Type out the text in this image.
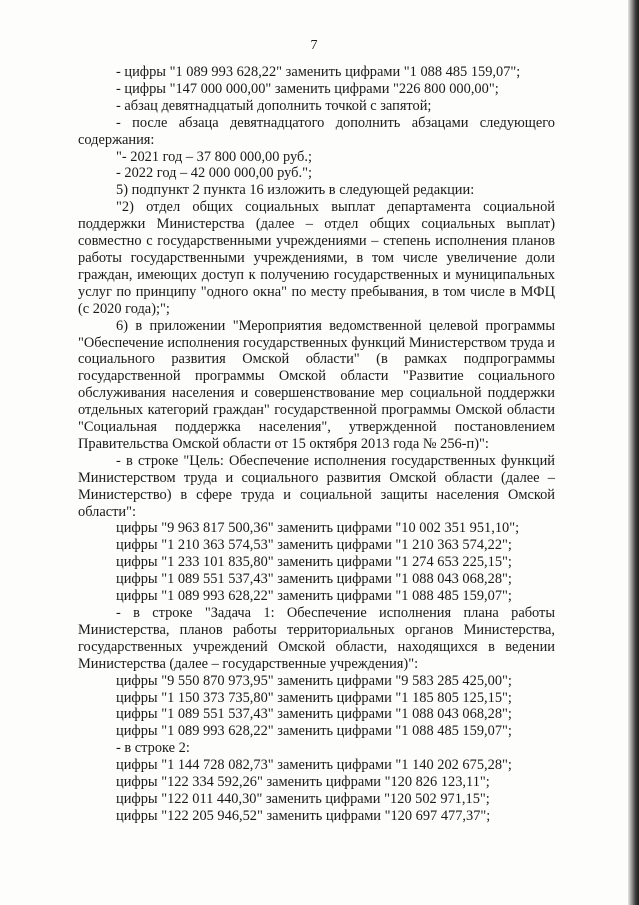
7

- цифры "1 089 993 628,22" заменить цифрами "1 088 485 159,07";

- цифры "147 000 000,00" заменить цифрами "226 800 000,00";

- абзац девятнадцатый дополнить точкой с запятой;

- после абзаца девятнадцатого дополнить абзацами следующего содержания:

"- 2021 год – 37 800 000,00 руб.;

- 2022 год – 42 000 000,00 руб.";

5) подпункт 2 пункта 16 изложить в следующей редакции:

"2) отдел общих социальных выплат департамента социальной поддержки Министерства (далее – отдел общих социальных выплат) совместно с государственными учреждениями – степень исполнения планов работы государственными учреждениями, в том числе увеличение доли граждан, имеющих доступ к получению государственных и муниципальных услуг по принципу "одного окна" по месту пребывания, в том числе в МФЦ (с 2020 года);";

6) в приложении "Мероприятия ведомственной целевой программы "Обеспечение исполнения государственных функций Министерством труда и социального развития Омской области" (в рамках подпрограммы государственной программы Омской области "Развитие социального обслуживания населения и совершенствование мер социальной поддержки отдельных категорий граждан" государственной программы Омской области "Социальная поддержка населения", утвержденной постановлением Правительства Омской области от 15 октября 2013 года № 256-п)":

- в строке "Цель: Обеспечение исполнения государственных функций Министерством труда и социального развития Омской области (далее – Министерство) в сфере труда и социальной защиты населения Омской области":

цифры "9 963 817 500,36" заменить цифрами "10 002 351 951,10";

цифры "1 210 363 574,53" заменить цифрами "1 210 363 574,22";

цифры "1 233 101 835,80" заменить цифрами "1 274 653 225,15";

цифры "1 089 551 537,43" заменить цифрами "1 088 043 068,28";

цифры "1 089 993 628,22" заменить цифрами "1 088 485 159,07";

- в строке "Задача 1: Обеспечение исполнения плана работы Министерства, планов работы территориальных органов Министерства, государственных учреждений Омской области, находящихся в ведении Министерства (далее – государственные учреждения)":

цифры "9 550 870 973,95" заменить цифрами "9 583 285 425,00";

цифры "1 150 373 735,80" заменить цифрами "1 185 805 125,15";

цифры "1 089 551 537,43" заменить цифрами "1 088 043 068,28";

цифры "1 089 993 628,22" заменить цифрами "1 088 485 159,07";

- в строке 2:

цифры "1 144 728 082,73" заменить цифрами "1 140 202 675,28";

цифры "122 334 592,26" заменить цифрами "120 826 123,11";

цифры "122 011 440,30" заменить цифрами "120 502 971,15";

цифры "122 205 946,52" заменить цифрами "120 697 477,37";
